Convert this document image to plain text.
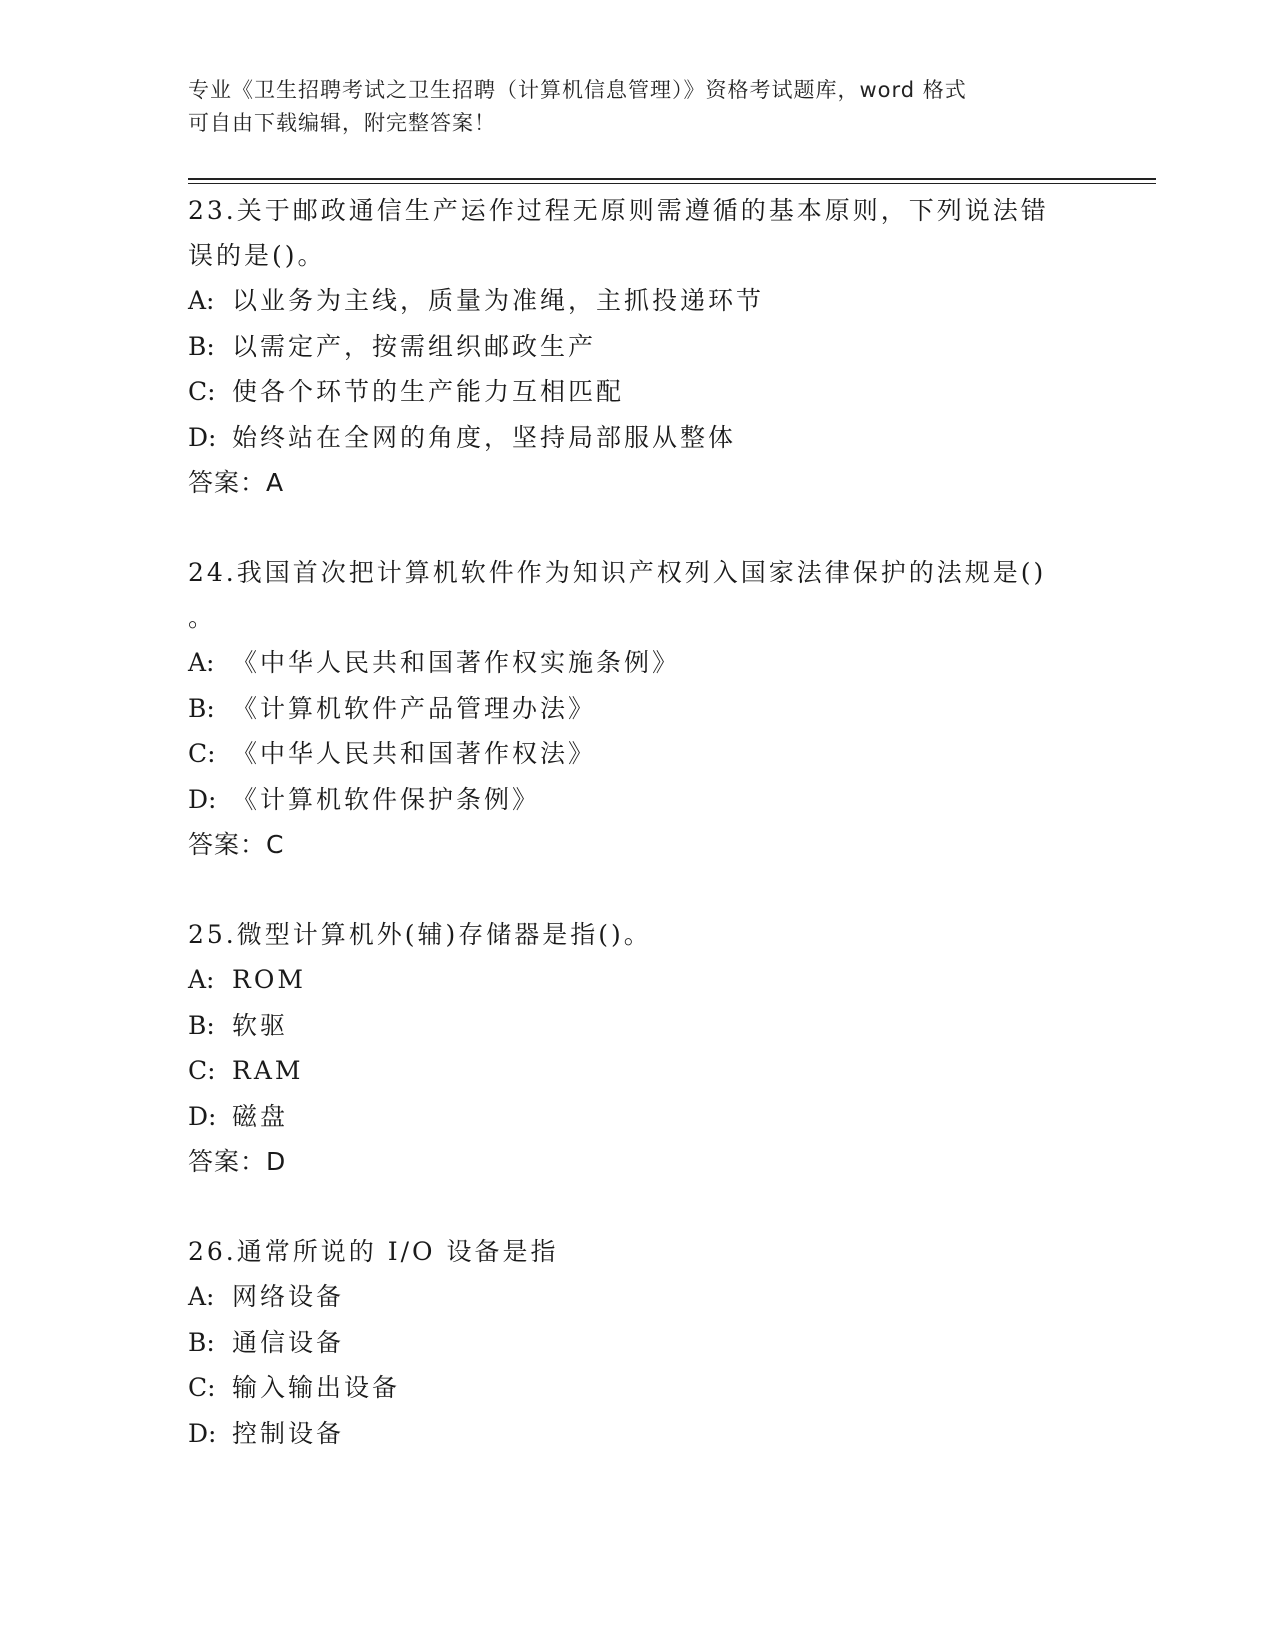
专业《卫生招聘考试之卫生招聘（计算机信息管理）》资格考试题库，word 格式
可自由下载编辑，附完整答案！
23.关于邮政通信生产运作过程无原则需遵循的基本原则，下列说法错
误的是()。
A: 以业务为主线，质量为准绳，主抓投递环节
B: 以需定产，按需组织邮政生产
C: 使各个环节的生产能力互相匹配
D: 始终站在全网的角度，坚持局部服从整体
答案：A
24.我国首次把计算机软件作为知识产权列入国家法律保护的法规是()
。
A: 《中华人民共和国著作权实施条例》
B: 《计算机软件产品管理办法》
C: 《中华人民共和国著作权法》
D: 《计算机软件保护条例》
答案：C
25.微型计算机外(辅)存储器是指()。
A: ROM
B: 软驱
C: RAM
D: 磁盘
答案：D
26.通常所说的 I/O 设备是指
A: 网络设备
B: 通信设备
C: 输入输出设备
D: 控制设备
